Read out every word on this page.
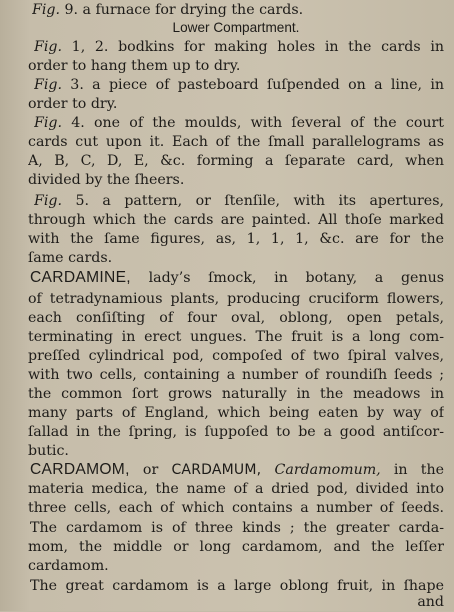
Fig. 9. a furnace for drying the cards.
Lower Compartment.
Fig. 1, 2. bodkins for making holes in the cards in
order to hang them up to dry.
Fig. 3. a piece of pasteboard ſuſpended on a line, in
order to dry.
Fig. 4. one of the moulds, with ſeveral of the court
cards cut upon it. Each of the ſmall parallelograms as
A, B, C, D, E, &c. forming a ſeparate card, when
divided by the ſheers.
Fig. 5. a pattern, or ſtenſile, with its apertures,
through which the cards are painted. All thoſe marked
with the ſame figures, as, 1, 1, 1, &c. are for the
ſame cards.
CARDAMINE, lady’s ſmock, in botany, a genus
of tetradynamious plants, producing cruciform flowers,
each conſiſting of four oval, oblong, open petals,
terminating in erect ungues. The fruit is a long com-
preſſed cylindrical pod, compoſed of two ſpiral valves,
with two cells, containing a number of roundiſh ſeeds ;
the common ſort grows naturally in the meadows in
many parts of England, which being eaten by way of
ſallad in the ſpring, is ſuppoſed to be a good antiſcor-
butic.
CARDAMOM, or CARDAMUM, Cardamomum, in the
materia medica, the name of a dried pod, divided into
three cells, each of which contains a number of ſeeds.
The cardamom is of three kinds ; the greater carda-
mom, the middle or long cardamom, and the leſſer
cardamom.
The great cardamom is a large oblong fruit, in ſhape
and
